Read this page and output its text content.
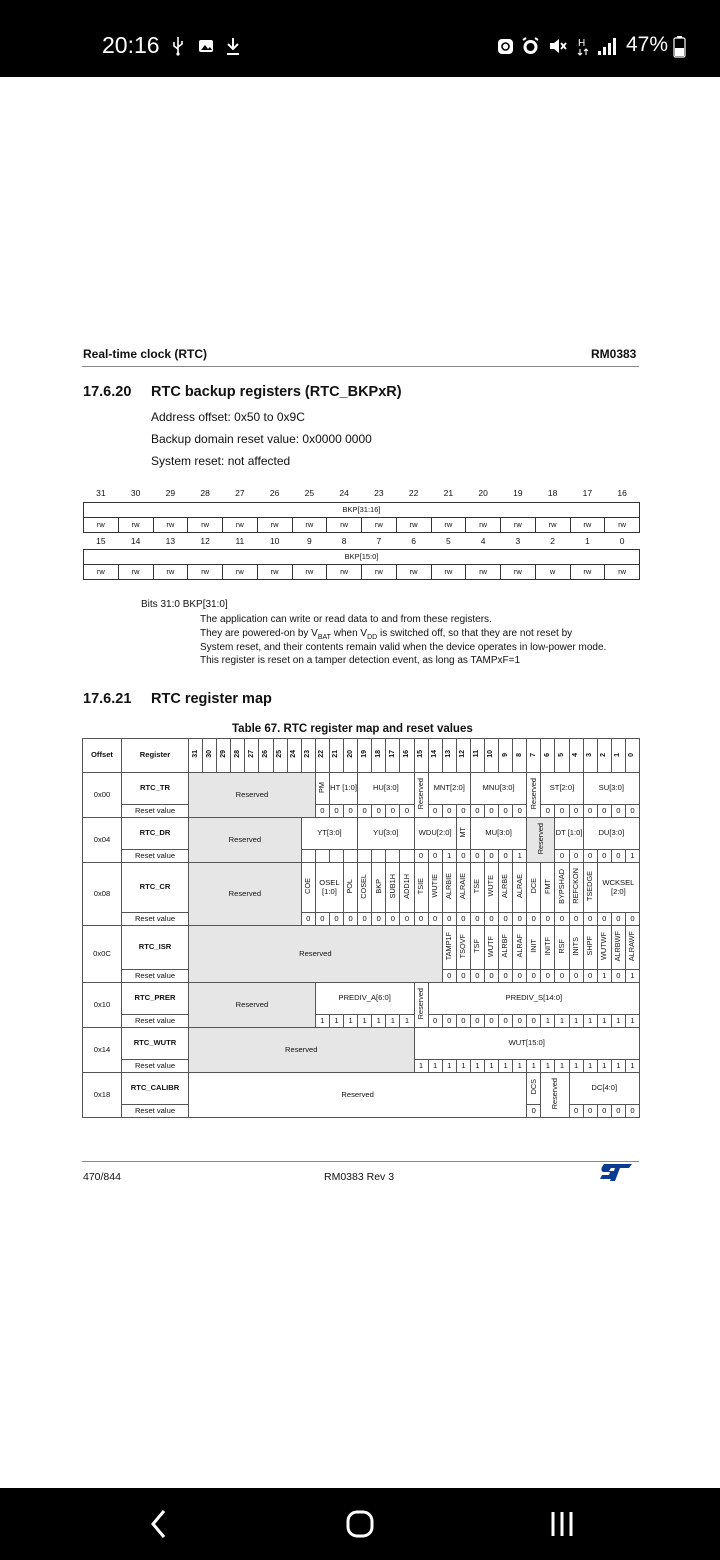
20:16	H 47%
Real-time clock (RTC)	RM0383
17.6.20 RTC backup registers (RTC_BKPxR)
Address offset: 0x50 to 0x9C
Backup domain reset value: 0x0000 0000
System reset: not affected
31	30	29	28	27	26	25	24	23	22	21	20	19	18	17	16
BKP[31:16]															
rw	rw	rw	rw	rw	rw	rw	rw	rw	rw	rw	rw	rw	rw	rw	rw
15	14	13	12	11	10	9	8	7	6	5	4	3	2	1	0
BKP[15:0]															
rw	rw	rw	rw	rw	rw	rw	rw	rw	rw	rw	rw	rw	w	rw	rw
Bits 31:0 BKP[31:0]
The application can write or read data to and from these registers.
They are powered-on by $V_{BAT}$ when $V_{DD}$ is switched off, so that they are not reset by
System reset, and their contents remain valid when the device operates in low-power mode.
This register is reset on a tamper detection event, as long as TAMPxF=1
17.6.21 RTC register map
Table 67. RTC register map and reset values
Offset	Register	31	30	29	28	27	26	25	24	23	22	21	20	19	18	17	16	15	14	13	12	11	10	9	8	7	6	5	4	3	2	1	0
0x00	RTC_TR	Reserved									PM	HT [1:0]		HU[3:0]				Reserved	MNT[2:0]			MNU[3:0]				Reserved	ST[2:0]			SU[3:0]			
	Reset value										0	0	0	0	0	0	0		0	0	0	0	0	0	0		0	0	0	0	0	0	0
0x04	RTC_DR	Reserved								YT[3:0]				YU[3:0]				WDU[2:0]			MT	MU[3:0]				Reserved		DT [1:0]		DU[3:0]			
	Reset value																	0	0	1	0	0	0	0	1			0	0	0	0	0	1
0x08	RTC_CR	Reserved								COE	OSEL [1:0]		POL	COSEL	BKP	SUB1H	ADD1H	TSIE	WUTIE	ALRBIE	ALRAIE	TSE	WUTE	ALRBE	ALRAE	DCE	FMT	BYPSHAD	REFCKON	TSEDGE	WCKSEL [2:0]		
	Reset value									0	0	0	0	0	0	0	0	0	0	0	0	0	0	0	0	0	0	0	0	0	0	0	0
0x0C	RTC_ISR	Reserved																		TAMP1F	TSOVF	TSF	WUTF	ALRBF	ALRAF	INIT	INITF	RSF	INITS	SHPF	WUTWF	ALRBWF	ALRAWF
	Reset value																			0	0	0	0	0	0	0	0	0	0	0	1	0	1
0x10	RTC_PRER	Reserved									PREDIV_A[6:0]							Reserved	PREDIV_S[14:0]														
	Reset value										1	1	1	1	1	1	1		0	0	0	0	0	0	0	0	1	1	1	1	1	1	1
0x14	RTC_WUTR	Reserved																WUT[15:0]															
	Reset value																	1	1	1	1	1	1	1	1	1	1	1	1	1	1	1	1
0x18	RTC_CALIBR	Reserved																								DCS	Reserved		DC[4:0]				
	Reset value																									0			0	0	0	0	0
470/844	RM0383 Rev 3
